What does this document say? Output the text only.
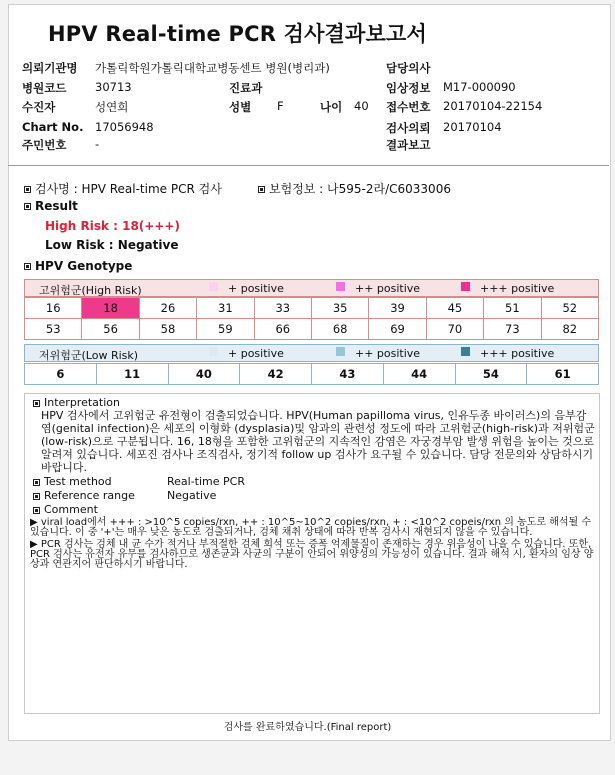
HPV Real-time PCR 검사결과보고서
의뢰기관명 가톨릭학원가톨릭대학교병동센트 병원(병리과)	담당의사
병원코드 30713	진료과	임상정보 M17-000090
수진자	성연희	성별 F	나이 40 접수번호 20170104-22154
Chart No. 17056948	검사의뢰 20170104
주민번호 -	결과보고
검사명 : HPV Real-time PCR 검사	보험정보 : 나595-2라/C6033006
Result
High Risk : 18(+++)
Low Risk : Negative
HPV Genotype
고위험군(High Risk)	+ positive	++ positive	+++ positive
16	18	26	31	33	35	39	45	51	52
53	56	58	59	66	68	69	70	73	82
저위험군(Low Risk)	+ positive	++ positive	+++ positive
6	11	40	42	43	44	54	61
Interpretation
HPV 검사에서 고위험군 유전형이 검출되었습니다. HPV(Human papilloma virus, 인유두종 바이러스)의 음부감염(genital infection)은 세포의 이형화 (dysplasia)및 암과의 관련성 정도에 따라 고위험군(high-risk)과 저위험군(low-risk)으로 구분됩니다. 16, 18형을 포함한 고위험군의 지속적인 감염은 자궁경부암 발생 위험을 높이는 것으로 알려져 있습니다. 세포진 검사나 조직검사, 정기적 follow up 검사가 요구될 수 있습니다. 담당 전문의와 상담하시기 바랍니다.
Test method	Real-time PCR
Reference range	Negative
Comment
▶ viral load에서 +++ : >10^5 copies/rxn, ++ : 10^5~10^2 copies/rxn, + : <10^2 copeis/rxn 의 농도로 해석될 수 있습니다. 이 중 '+'는 매우 낮은 농도로 검출되거나, 검체 채취 상태에 따라 반복 검사시 재현되지 않을 수 있습니다.
▶ PCR 검사는 검체 내 균 수가 적거나 부적절한 검체 희석 또는 증폭 억제물질이 존재하는 경우 위음성이 나올 수 있습니다. 또한, PCR 검사는 유전자 유무를 검사하므로 생존균과 사균의 구분이 안되어 위양성의 가능성이 있습니다. 결과 해석 시, 환자의 임상 양상과 연관지어 판단하시기 바랍니다.
검사를 완료하였습니다.(Final report)
